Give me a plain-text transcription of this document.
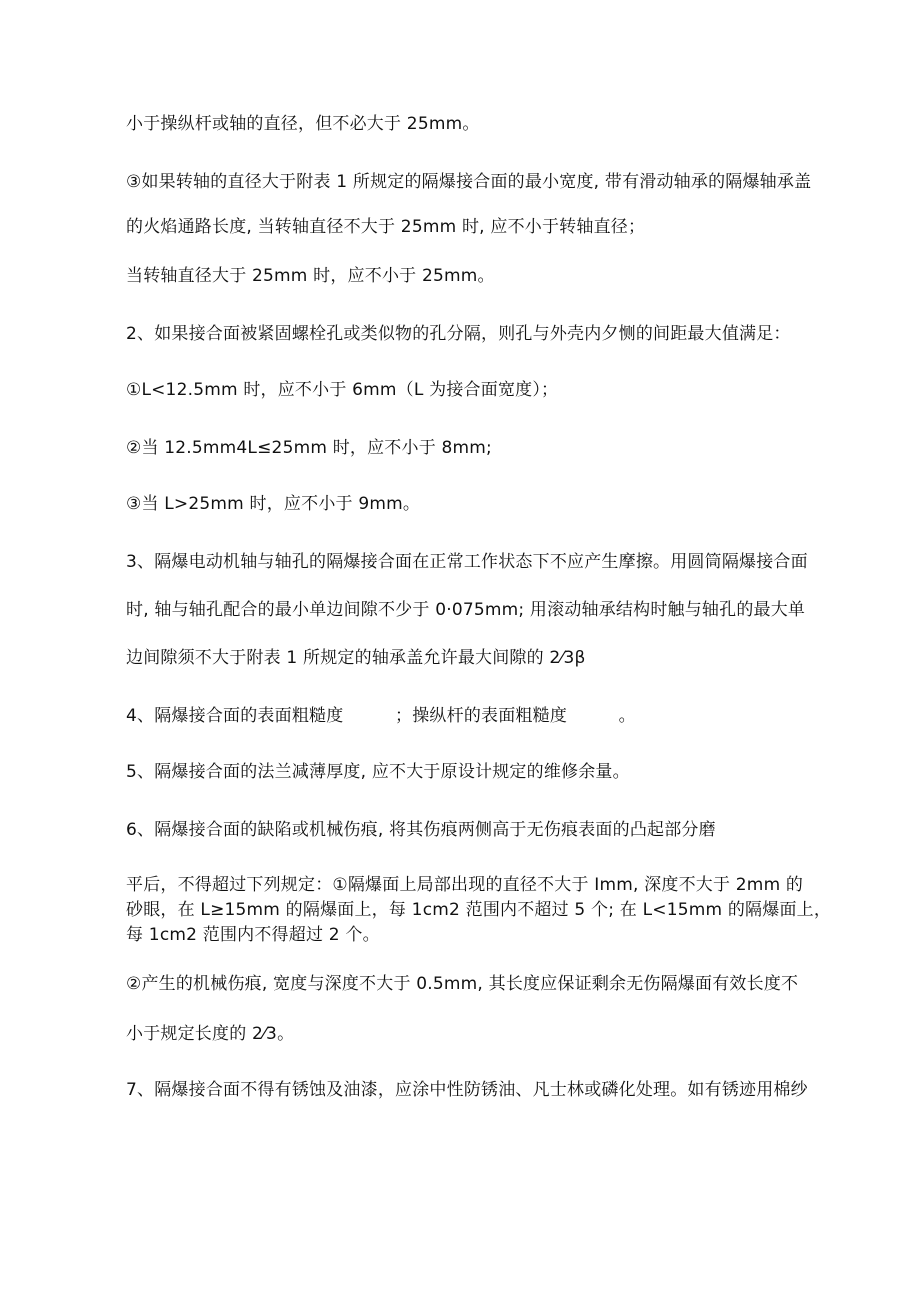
小于操纵杆或轴的直径，但不必大于 25mm。
③如果转轴的直径大于附表 1 所规定的隔爆接合面的最小宽度, 带有滑动轴承的隔爆轴承盖
的火焰通路长度, 当转轴直径不大于 25mm 时, 应不小于转轴直径；
当转轴直径大于 25mm 时，应不小于 25mm。
2、如果接合面被紧固螺栓孔或类似物的孔分隔，则孔与外壳内夕恻的间距最大值满足：
①L<12.5mm 时，应不小于 6mm（L 为接合面宽度）；
②当 12.5mm4L≤25mm 时，应不小于 8mm;
③当 L>25mm 时，应不小于 9mm。
3、隔爆电动机轴与轴孔的隔爆接合面在正常工作状态下不应产生摩擦。用圆筒隔爆接合面
时, 轴与轴孔配合的最小单边间隙不少于 0·075mm; 用滚动轴承结构时触与轴孔的最大单
边间隙须不大于附表 1 所规定的轴承盖允许最大间隙的 2⁄3β
4、隔爆接合面的表面粗糙度　　　；操纵杆的表面粗糙度　　　。
5、隔爆接合面的法兰减薄厚度, 应不大于原设计规定的维修余量。
6、隔爆接合面的缺陷或机械伤痕, 将其伤痕两侧高于无伤痕表面的凸起部分磨
平后，不得超过下列规定：①隔爆面上局部出现的直径不大于 Imm, 深度不大于 2mm 的
砂眼，在 L≥15mm 的隔爆面上，每 1cm2 范围内不超过 5 个; 在 L<15mm 的隔爆面上，
每 1cm2 范围内不得超过 2 个。
②产生的机械伤痕, 宽度与深度不大于 0.5mm, 其长度应保证剩余无伤隔爆面有效长度不
小于规定长度的 2⁄3。
7、隔爆接合面不得有锈蚀及油漆，应涂中性防锈油、凡士林或磷化处理。如有锈迹用棉纱
